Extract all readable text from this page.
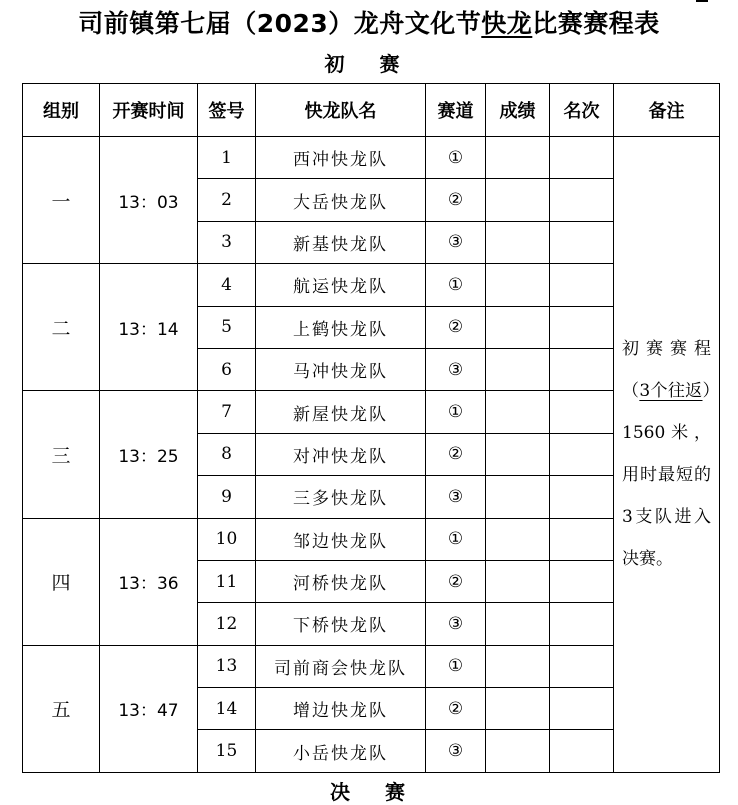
司前镇第七届（2023）龙舟文化节快龙比赛赛程表
初 赛
组别	开赛时间	签号	快龙队名	赛道	成绩	名次	备注
一	13：03	1	西冲快龙队	①			初赛赛程（3个往返）1560米，用时最短的3支队进入决赛。
		2	大岳快龙队	②			
		3	新基快龙队	③			
二	13：14	4	航运快龙队	①			
		5	上鹤快龙队	②			
		6	马冲快龙队	③			
三	13：25	7	新屋快龙队	①			
		8	对冲快龙队	②			
		9	三多快龙队	③			
四	13：36	10	邹边快龙队	①			
		11	河桥快龙队	②			
		12	下桥快龙队	③			
五	13：47	13	司前商会快龙队	①			
		14	增边快龙队	②			
		15	小岳快龙队	③			
决 赛
